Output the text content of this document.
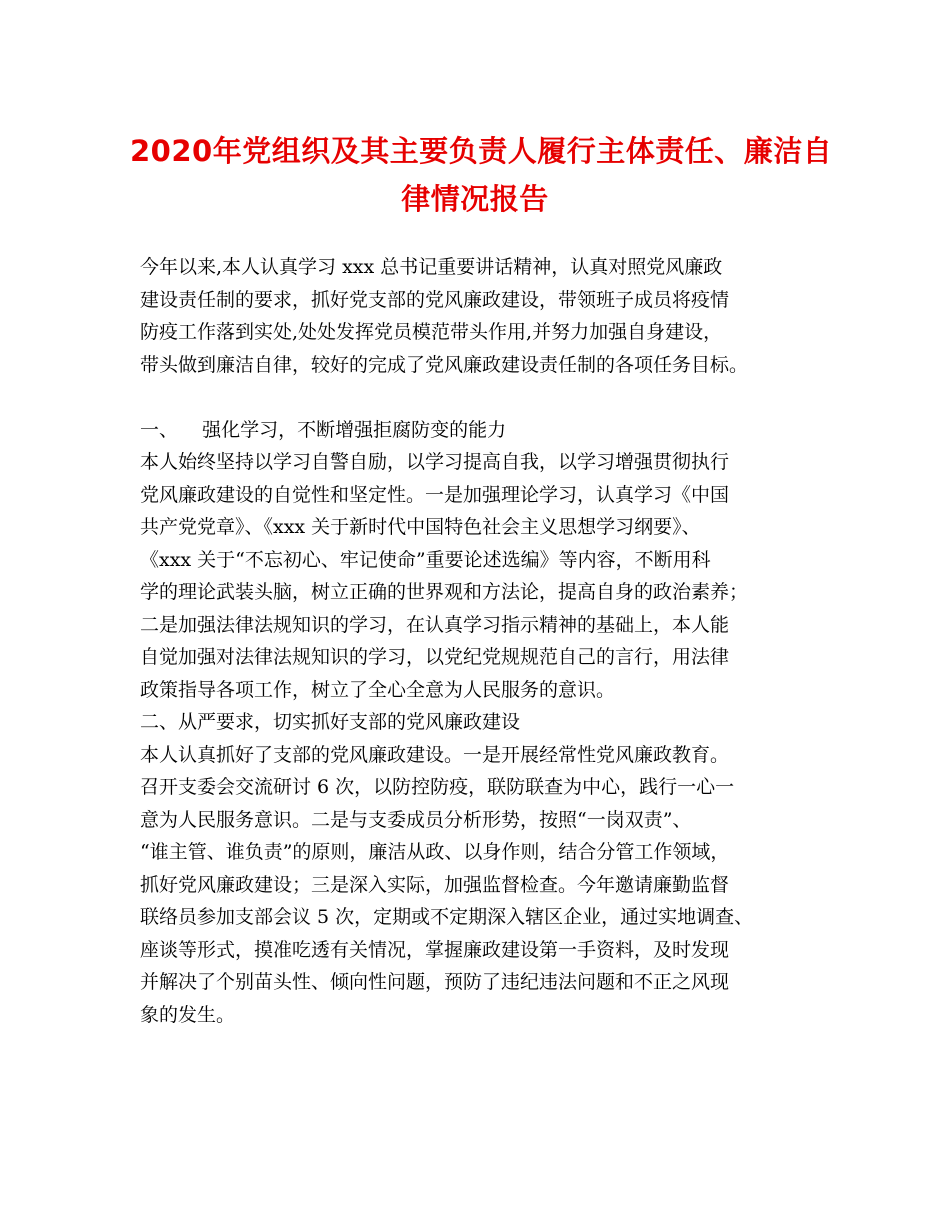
2020年党组织及其主要负责人履行主体责任、廉洁自
律情况报告
今年以来,本人认真学习 xxx 总书记重要讲话精神，认真对照党风廉政
建设责任制的要求，抓好党支部的党风廉政建设，带领班子成员将疫情
防疫工作落到实处,处处发挥党员模范带头作用,并努力加强自身建设，
带头做到廉洁自律，较好的完成了党风廉政建设责任制的各项任务目标。
一、    强化学习，不断增强拒腐防变的能力
本人始终坚持以学习自警自励，以学习提高自我，以学习增强贯彻执行
党风廉政建设的自觉性和坚定性。一是加强理论学习，认真学习《中国
共产党党章》、《xxx 关于新时代中国特色社会主义思想学习纲要》、
《xxx 关于“不忘初心、牢记使命”重要论述选编》等内容，不断用科
学的理论武装头脑，树立正确的世界观和方法论，提高自身的政治素养；
二是加强法律法规知识的学习，在认真学习指示精神的基础上，本人能
自觉加强对法律法规知识的学习，以党纪党规规范自己的言行，用法律
政策指导各项工作，树立了全心全意为人民服务的意识。
二、从严要求，切实抓好支部的党风廉政建设
本人认真抓好了支部的党风廉政建设。一是开展经常性党风廉政教育。
召开支委会交流研讨 6 次，以防控防疫，联防联查为中心，践行一心一
意为人民服务意识。二是与支委成员分析形势，按照“一岗双责”、
“谁主管、谁负责”的原则，廉洁从政、以身作则，结合分管工作领域，
抓好党风廉政建设；三是深入实际，加强监督检查。今年邀请廉勤监督
联络员参加支部会议 5 次，定期或不定期深入辖区企业，通过实地调查、
座谈等形式，摸准吃透有关情况，掌握廉政建设第一手资料，及时发现
并解决了个别苗头性、倾向性问题，预防了违纪违法问题和不正之风现
象的发生。
